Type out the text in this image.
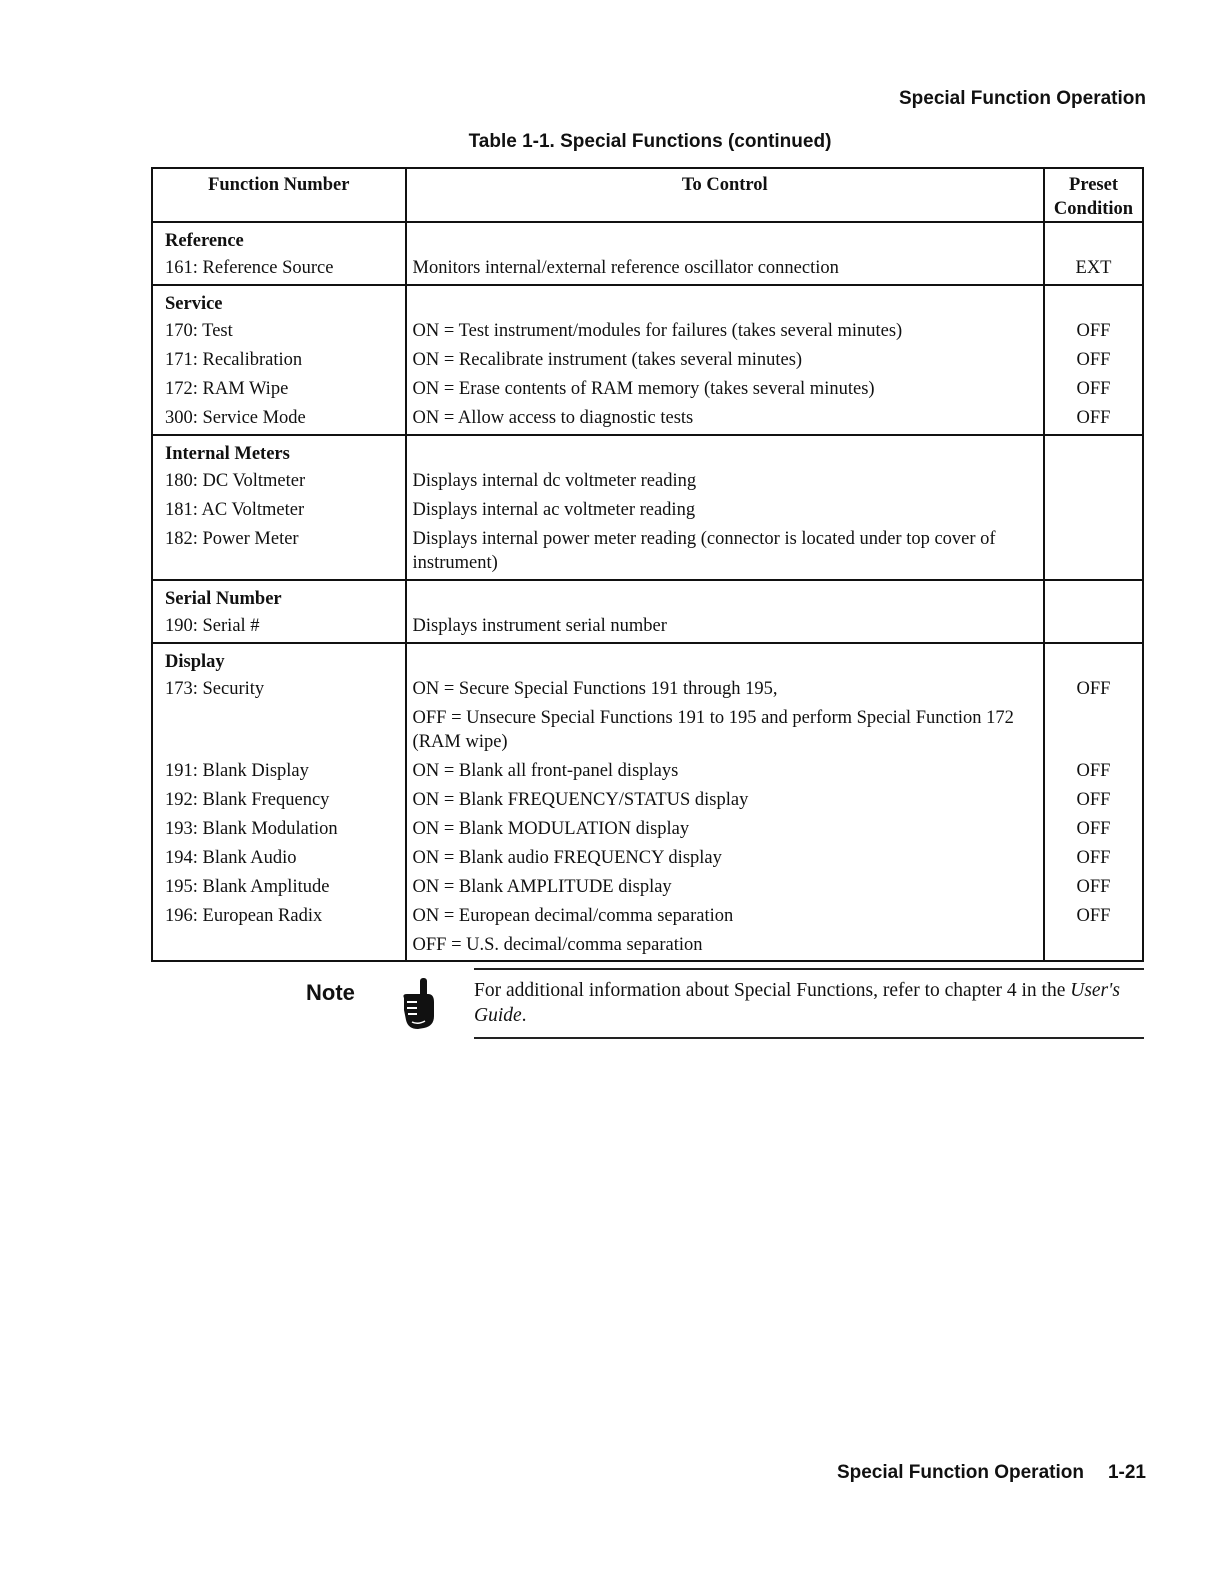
Special Function Operation
Table 1-1. Special Functions (continued)
Function Number	To Control	Preset Condition
Reference		
161: Reference Source	Monitors internal/external reference oscillator connection	EXT
Service		
170: Test	ON = Test instrument/modules for failures (takes several minutes)	OFF
171: Recalibration	ON = Recalibrate instrument (takes several minutes)	OFF
172: RAM Wipe	ON = Erase contents of RAM memory (takes several minutes)	OFF
300: Service Mode	ON = Allow access to diagnostic tests	OFF
Internal Meters		
180: DC Voltmeter	Displays internal dc voltmeter reading	
181: AC Voltmeter	Displays internal ac voltmeter reading	
182: Power Meter	Displays internal power meter reading (connector is located under top cover of instrument)	
Serial Number		
190: Serial #	Displays instrument serial number	
Display		
173: Security	ON = Secure Special Functions 191 through 195,	OFF
	OFF = Unsecure Special Functions 191 to 195 and perform Special Function 172 (RAM wipe)	
191: Blank Display	ON = Blank all front-panel displays	OFF
192: Blank Frequency	ON = Blank FREQUENCY/STATUS display	OFF
193: Blank Modulation	ON = Blank MODULATION display	OFF
194: Blank Audio	ON = Blank audio FREQUENCY display	OFF
195: Blank Amplitude	ON = Blank AMPLITUDE display	OFF
196: European Radix	ON = European decimal/comma separation	OFF
	OFF = U.S. decimal/comma separation	
Note	For additional information about Special Functions, refer to chapter 4 in the User's Guide.
Special Function Operation 1-21
